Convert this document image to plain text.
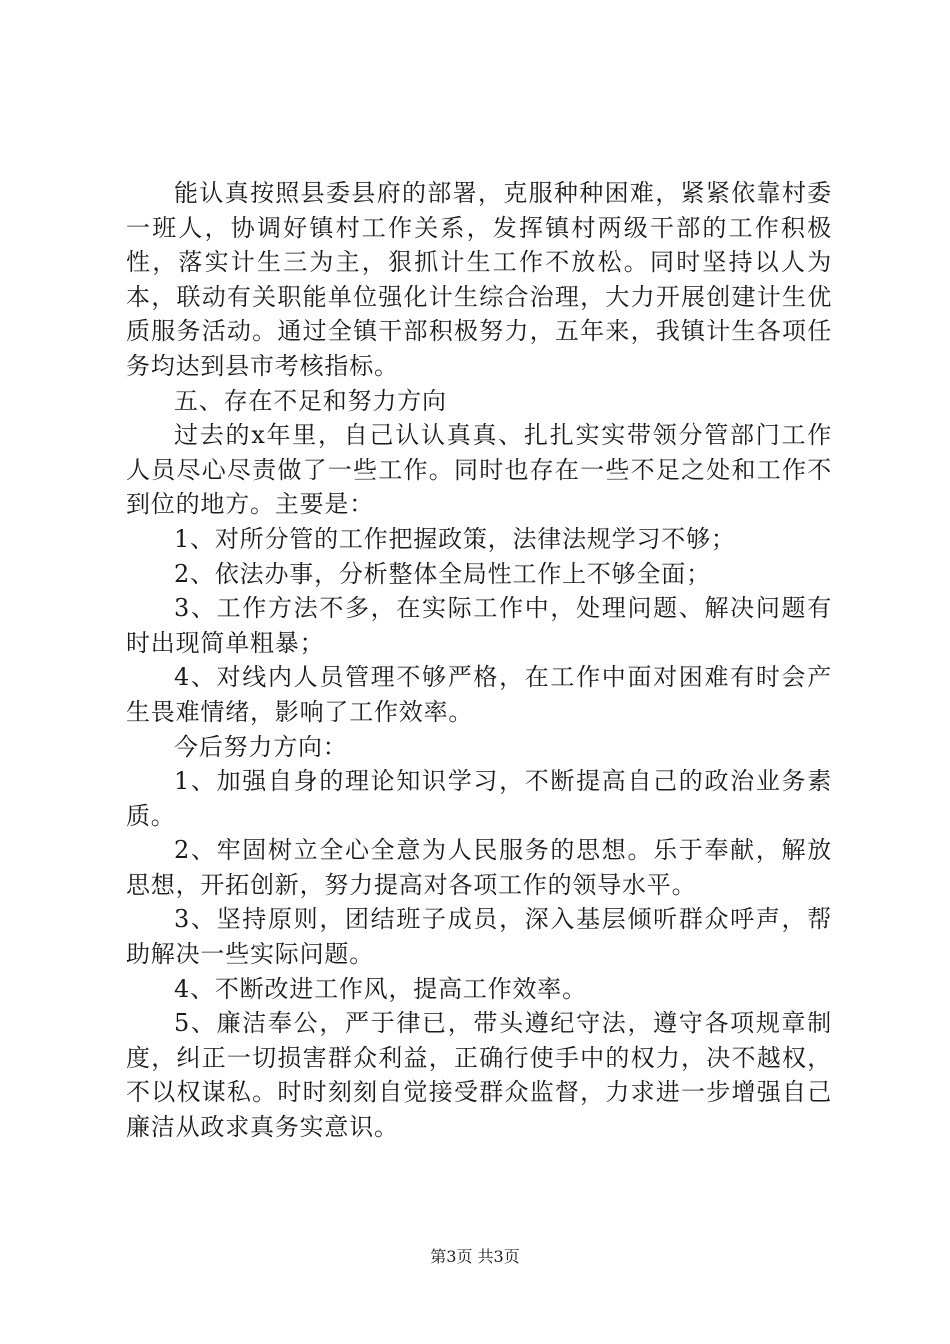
能认真按照县委县府的部署，克服种种困难，紧紧依靠村委一班人，协调好镇村工作关系，发挥镇村两级干部的工作积极性，落实计生三为主，狠抓计生工作不放松。同时坚持以人为本，联动有关职能单位强化计生综合治理，大力开展创建计生优质服务活动。通过全镇干部积极努力，五年来，我镇计生各项任务均达到县市考核指标。

五、存在不足和努力方向

过去的x年里，自己认认真真、扎扎实实带领分管部门工作人员尽心尽责做了一些工作。同时也存在一些不足之处和工作不到位的地方。主要是：

1、对所分管的工作把握政策，法律法规学习不够；

2、依法办事，分析整体全局性工作上不够全面；

3、工作方法不多，在实际工作中，处理问题、解决问题有时出现简单粗暴；

4、对线内人员管理不够严格，在工作中面对困难有时会产生畏难情绪，影响了工作效率。

今后努力方向：

1、加强自身的理论知识学习，不断提高自己的政治业务素质。

2、牢固树立全心全意为人民服务的思想。乐于奉献，解放思想，开拓创新，努力提高对各项工作的领导水平。

3、坚持原则，团结班子成员，深入基层倾听群众呼声，帮助解决一些实际问题。

4、不断改进工作风，提高工作效率。

5、廉洁奉公，严于律已，带头遵纪守法，遵守各项规章制度，纠正一切损害群众利益，正确行使手中的权力，决不越权，不以权谋私。时时刻刻自觉接受群众监督，力求进一步增强自己廉洁从政求真务实意识。

第3页 共3页
